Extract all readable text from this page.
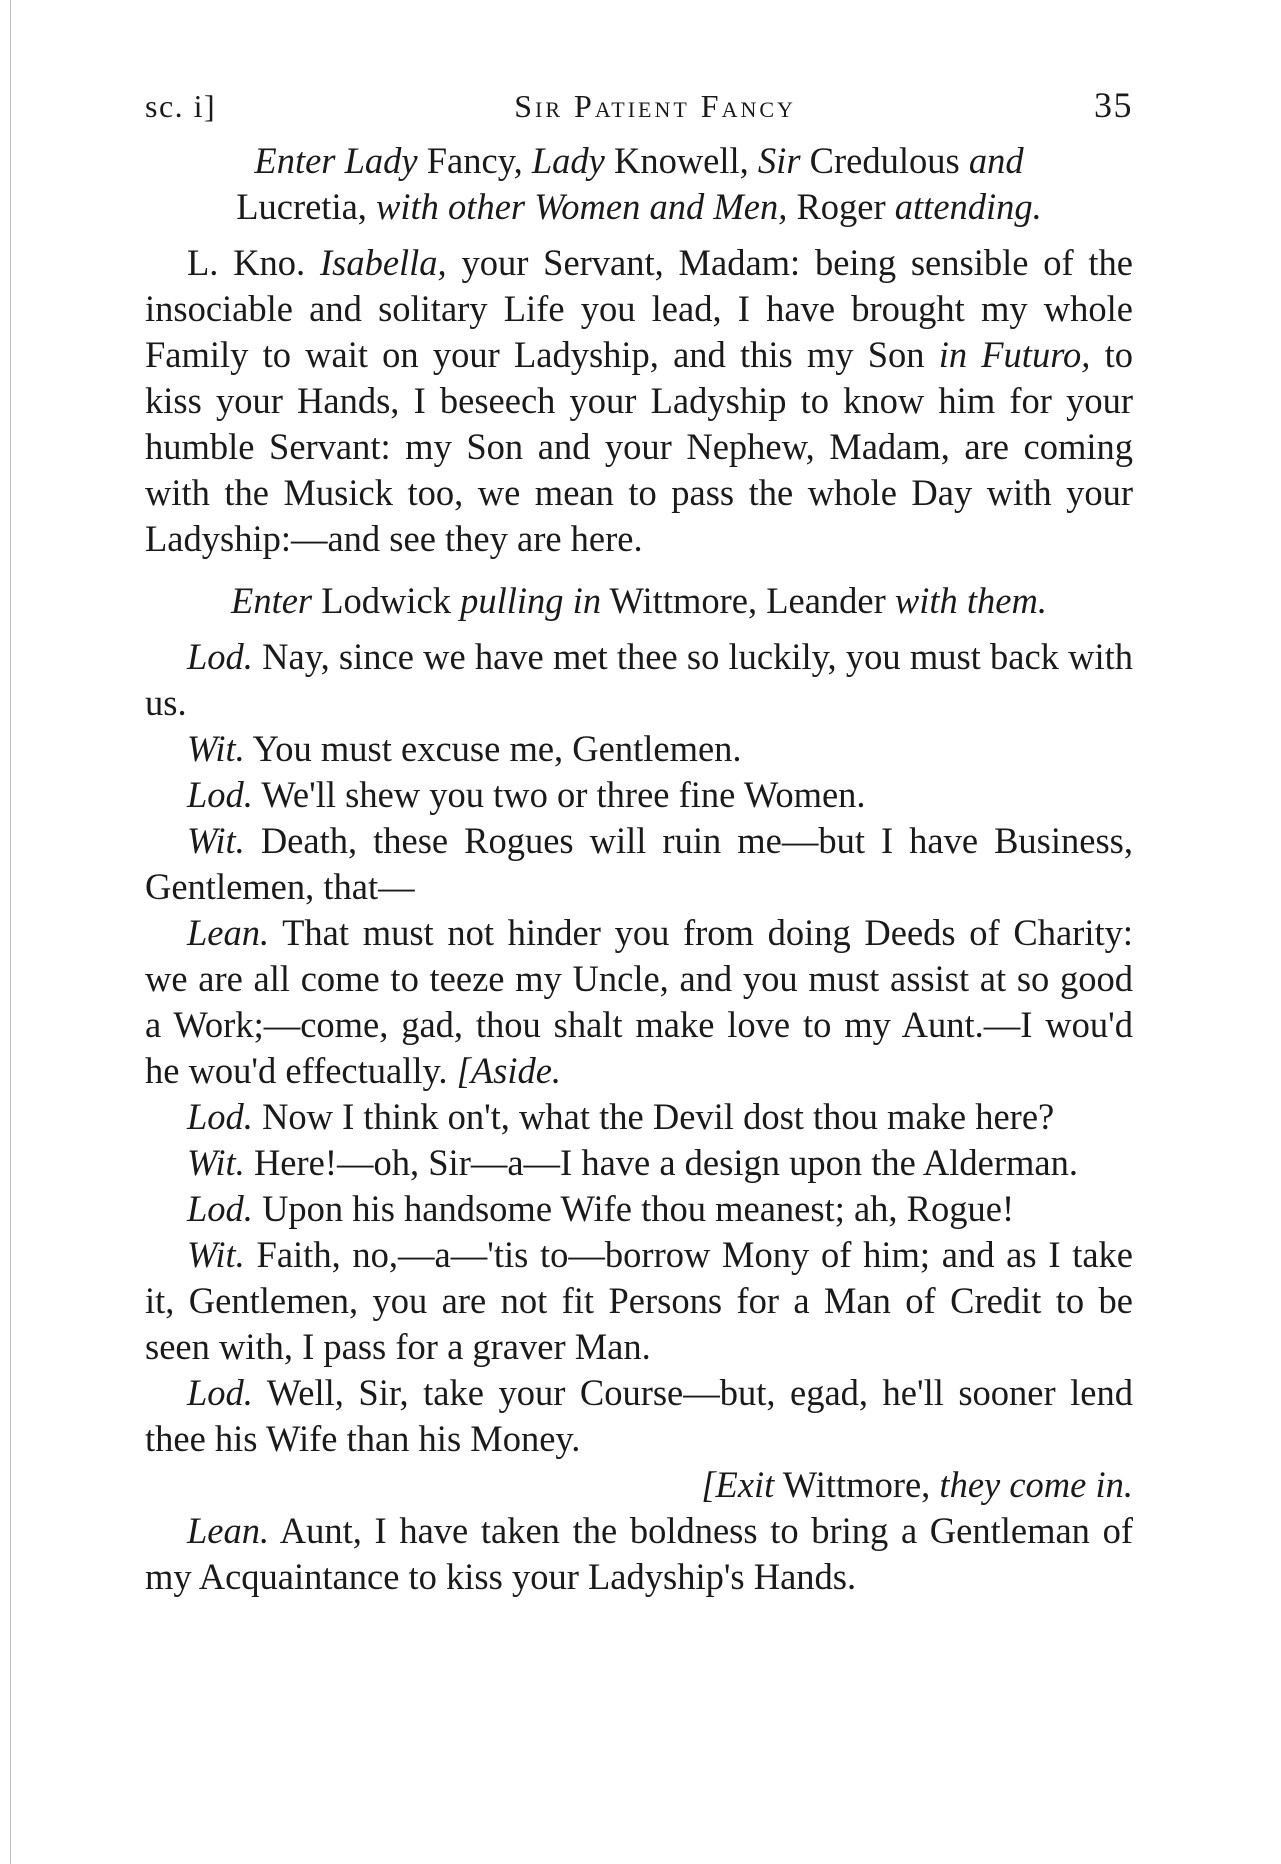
sc. i]	Sir Patient Fancy	35

Enter Lady Fancy, Lady Knowell, Sir Credulous and
Lucretia, with other Women and Men, Roger attending.

L. Kno. Isabella, your Servant, Madam: being sensible of the insociable and solitary Life you lead, I have brought my whole Family to wait on your Ladyship, and this my Son in Futuro, to kiss your Hands, I beseech your Ladyship to know him for your humble Servant: my Son and your Nephew, Madam, are coming with the Musick too, we mean to pass the whole Day with your Ladyship:—and see they are here.

Enter Lodwick pulling in Wittmore, Leander with them.

Lod. Nay, since we have met thee so luckily, you must back with us.

Wit. You must excuse me, Gentlemen.

Lod. We'll shew you two or three fine Women.

Wit. Death, these Rogues will ruin me—but I have Business, Gentlemen, that—

Lean. That must not hinder you from doing Deeds of Charity: we are all come to teeze my Uncle, and you must assist at so good a Work;—come, gad, thou shalt make love to my Aunt.—I wou'd he wou'd effectually. [Aside.

Lod. Now I think on't, what the Devil dost thou make here?

Wit. Here!—oh, Sir—a—I have a design upon the Alderman.

Lod. Upon his handsome Wife thou meanest; ah, Rogue!

Wit. Faith, no,—a—'tis to—borrow Mony of him; and as I take it, Gentlemen, you are not fit Persons for a Man of Credit to be seen with, I pass for a graver Man.

Lod. Well, Sir, take your Course—but, egad, he'll sooner lend thee his Wife than his Money.

[Exit Wittmore, they come in.

Lean. Aunt, I have taken the boldness to bring a Gentleman of my Acquaintance to kiss your Ladyship's Hands.
